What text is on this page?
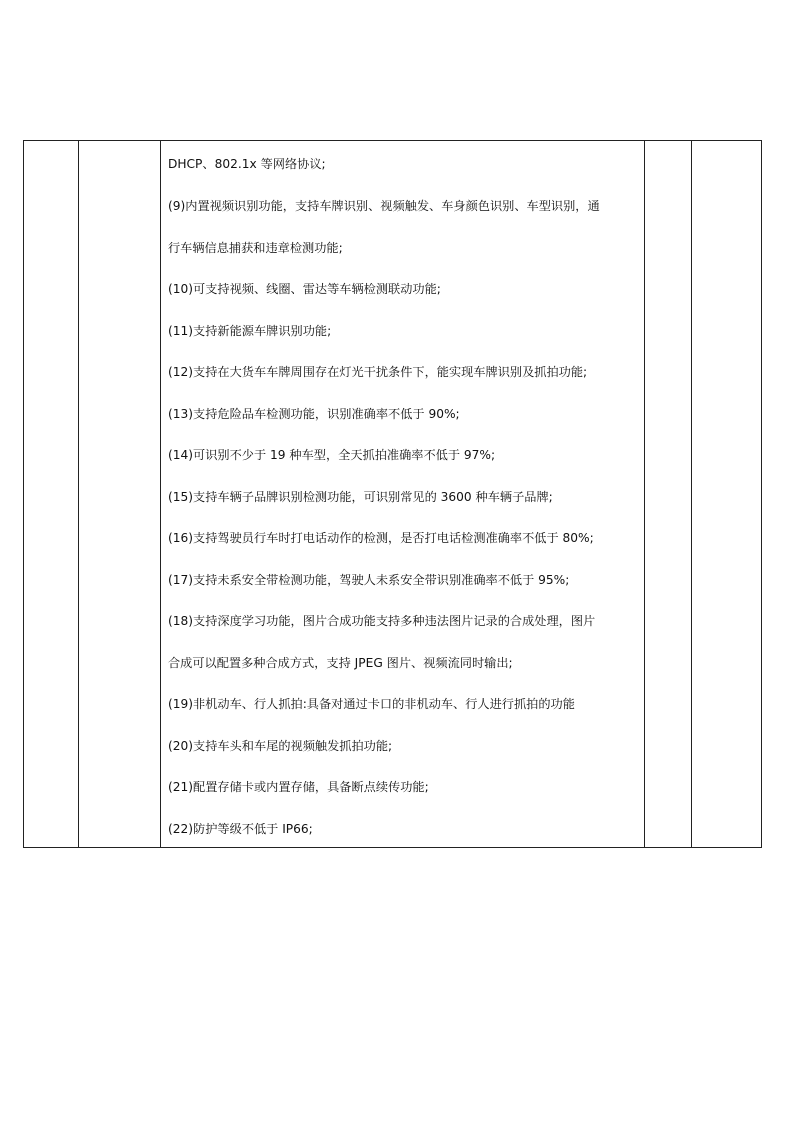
DHCP、802.1x 等网络协议;
(9)内置视频识别功能，支持车牌识别、视频触发、车身颜色识别、车型识别，通
行车辆信息捕获和违章检测功能;
(10)可支持视频、线圈、雷达等车辆检测联动功能;
(11)支持新能源车牌识别功能;
(12)支持在大货车车牌周围存在灯光干扰条件下，能实现车牌识别及抓拍功能;
(13)支持危险品车检测功能，识别准确率不低于 90%;
(14)可识别不少于 19 种车型，全天抓拍准确率不低于 97%;
(15)支持车辆子品牌识别检测功能，可识别常见的 3600 种车辆子品牌;
(16)支持驾驶员行车时打电话动作的检测，是否打电话检测准确率不低于 80%;
(17)支持未系安全带检测功能，驾驶人未系安全带识别准确率不低于 95%;
(18)支持深度学习功能，图片合成功能支持多种违法图片记录的合成处理，图片
合成可以配置多种合成方式，支持 JPEG 图片、视频流同时输出;
(19)非机动车、行人抓拍:具备对通过卡口的非机动车、行人进行抓拍的功能
(20)支持车头和车尾的视频触发抓拍功能;
(21)配置存储卡或内置存储，具备断点续传功能;
(22)防护等级不低于 IP66;
